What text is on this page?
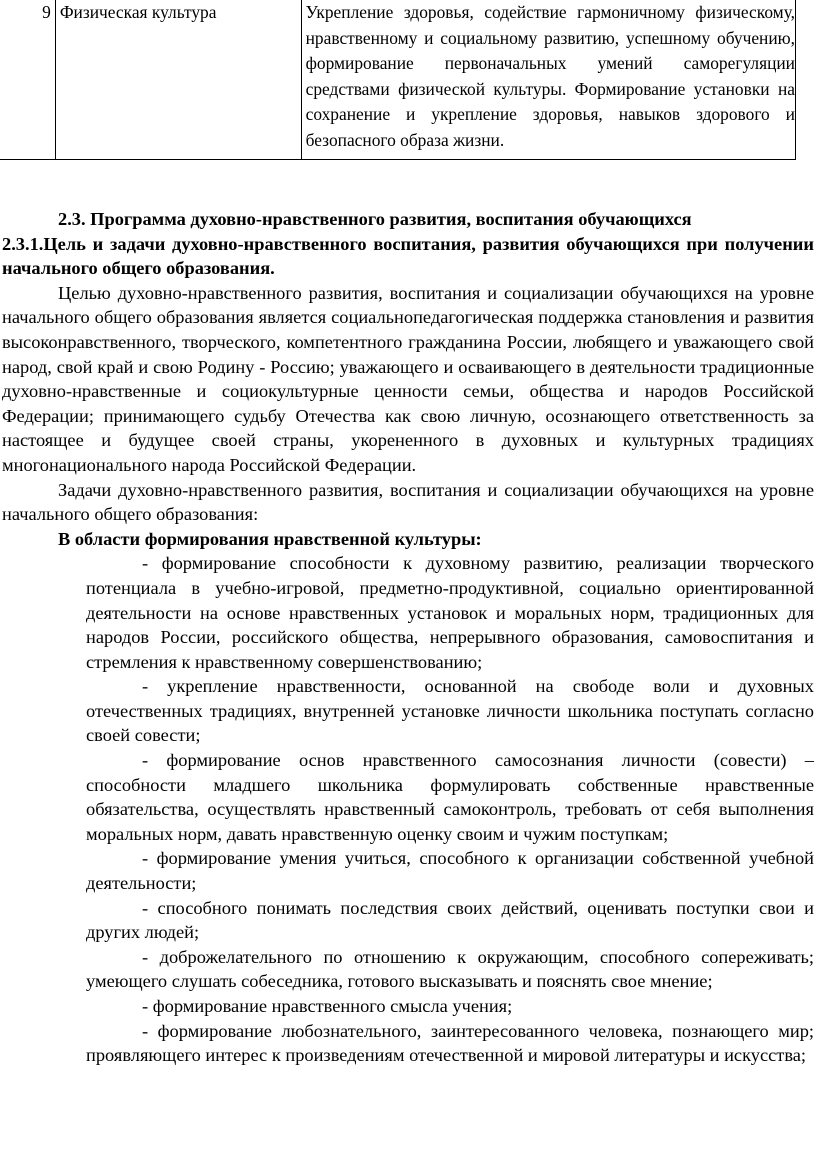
9	Физическая культура	Укрепление здоровья, содействие гармоничному физическому, нравственному и социальному развитию, успешному обучению, формирование первоначальных умений саморегуляции средствами физической культуры. Формирование установки на сохранение и укрепление здоровья, навыков здорового и безопасного образа жизни.

2.3. Программа духовно-нравственного развития, воспитания обучающихся

2.3.1.Цель и задачи духовно-нравственного воспитания, развития обучающихся при получении начального общего образования.

Целью духовно-нравственного развития, воспитания и социализации обучающихся на уровне начального общего образования является социальнопедагогическая поддержка становления и развития высоконравственного, творческого, компетентного гражданина России, любящего и уважающего свой народ, свой край и свою Родину - Россию; уважающего и осваивающего в деятельности традиционные духовно-нравственные и социокультурные ценности семьи, общества и народов Российской Федерации; принимающего судьбу Отечества как свою личную, осознающего ответственность за настоящее и будущее своей страны, укорененного в духовных и культурных традициях многонационального народа Российской Федерации.

Задачи духовно-нравственного развития, воспитания и социализации обучающихся на уровне начального общего образования:

В области формирования нравственной культуры:

- формирование способности к духовному развитию, реализации творческого потенциала в учебно-игровой, предметно-продуктивной, социально ориентированной деятельности на основе нравственных установок и моральных норм, традиционных для народов России, российского общества, непрерывного образования, самовоспитания и стремления к нравственному совершенствованию;

- укрепление нравственности, основанной на свободе воли и духовных отечественных традициях, внутренней установке личности школьника поступать согласно своей совести;

- формирование основ нравственного самосознания личности (совести) – способности младшего школьника формулировать собственные нравственные обязательства, осуществлять нравственный самоконтроль, требовать от себя выполнения моральных норм, давать нравственную оценку своим и чужим поступкам;

- формирование умения учиться, способного к организации собственной учебной деятельности;

- способного понимать последствия своих действий, оценивать поступки свои и других людей;

- доброжелательного по отношению к окружающим, способного сопереживать; умеющего слушать собеседника, готового высказывать и пояснять свое мнение;

- формирование нравственного смысла учения;

- формирование любознательного, заинтересованного человека, познающего мир; проявляющего интерес к произведениям отечественной и мировой литературы и искусства;
